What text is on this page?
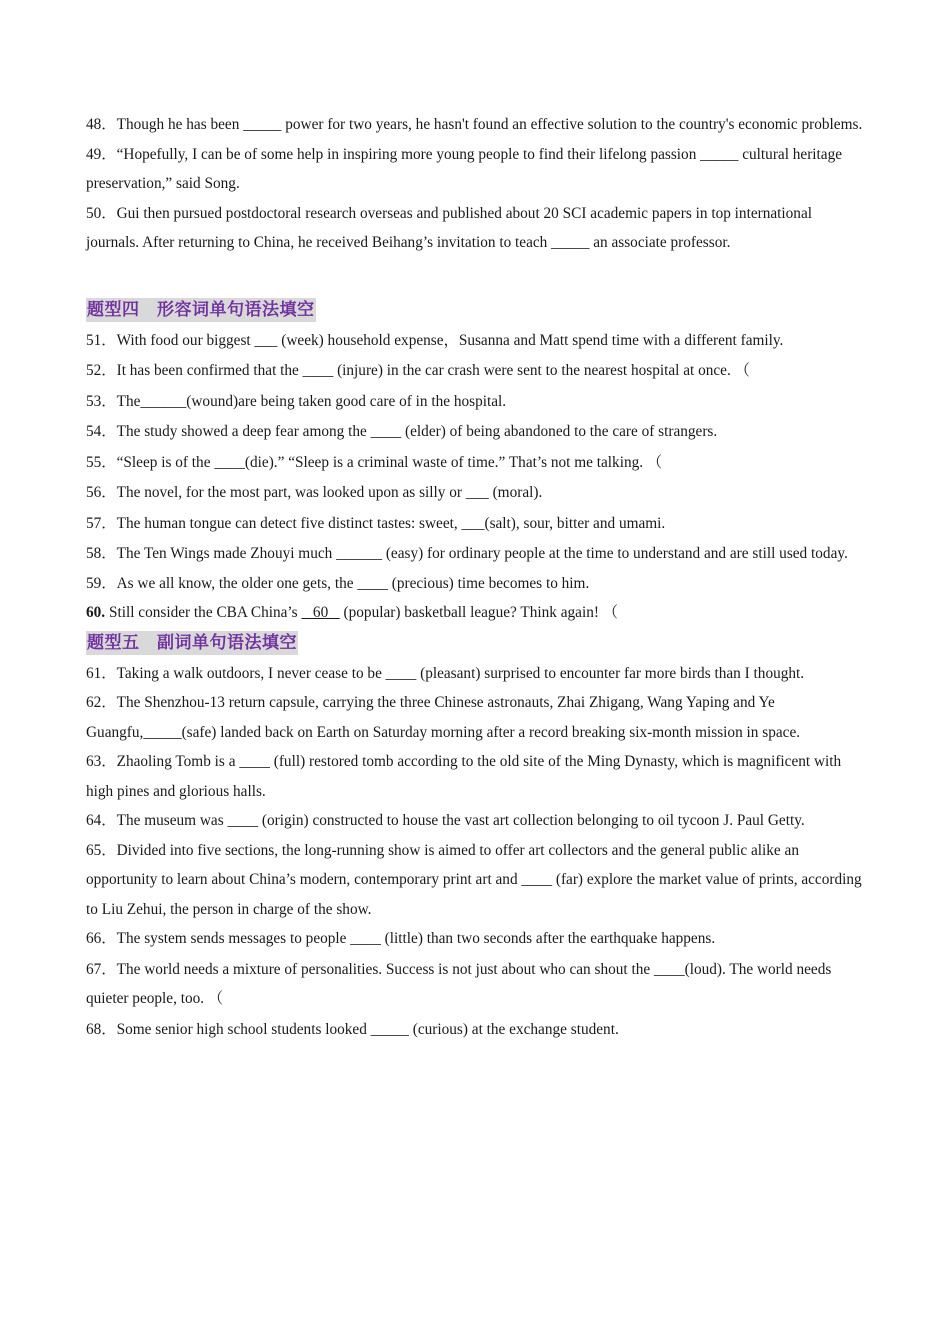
48．Though he has been _____ power for two years, he hasn't found an effective solution to the country's economic problems.

49．“Hopefully, I can be of some help in inspiring more young people to find their lifelong passion _____ cultural heritage preservation,” said Song.

50．Gui then pursued postdoctoral research overseas and published about 20 SCI academic papers in top international journals. After returning to China, he received Beihang’s invitation to teach _____ an associate professor.

题型四　形容词单句语法填空

51．With food our biggest ___ (week) household expense，Susanna and Matt spend time with a different family.

52．It has been confirmed that the ____ (injure) in the car crash were sent to the nearest hospital at once. （

53．The______(wound)are being taken good care of in the hospital.

54．The study showed a deep fear among the ____ (elder) of being abandoned to the care of strangers.

55．“Sleep is of the ____(die).” “Sleep is a criminal waste of time.” That’s not me talking. （

56．The novel, for the most part, was looked upon as silly or ___ (moral).

57．The human tongue can detect five distinct tastes: sweet, ___(salt), sour, bitter and umami.

58．The Ten Wings made Zhouyi much ______ (easy) for ordinary people at the time to understand and are still used today.

59．As we all know, the older one gets, the ____ (precious) time becomes to him.

60. Still consider the CBA China’s    60    (popular) basketball league? Think again! （

题型五　副词单句语法填空

61．Taking a walk outdoors, I never cease to be ____ (pleasant) surprised to encounter far more birds than I thought.

62．The Shenzhou-13 return capsule, carrying the three Chinese astronauts, Zhai Zhigang, Wang Yaping and Ye Guangfu,_____(safe) landed back on Earth on Saturday morning after a record breaking six-month mission in space.

63．Zhaoling Tomb is a ____ (full) restored tomb according to the old site of the Ming Dynasty, which is magnificent with high pines and glorious halls.

64．The museum was ____ (origin) constructed to house the vast art collection belonging to oil tycoon J. Paul Getty.

65．Divided into five sections, the long-running show is aimed to offer art collectors and the general public alike an opportunity to learn about China’s modern, contemporary print art and ____ (far) explore the market value of prints, according to Liu Zehui, the person in charge of the show.

66．The system sends messages to people ____ (little) than two seconds after the earthquake happens.

67．The world needs a mixture of personalities. Success is not just about who can shout the ____(loud). The world needs quieter people, too. （

68．Some senior high school students looked _____ (curious) at the exchange student.
